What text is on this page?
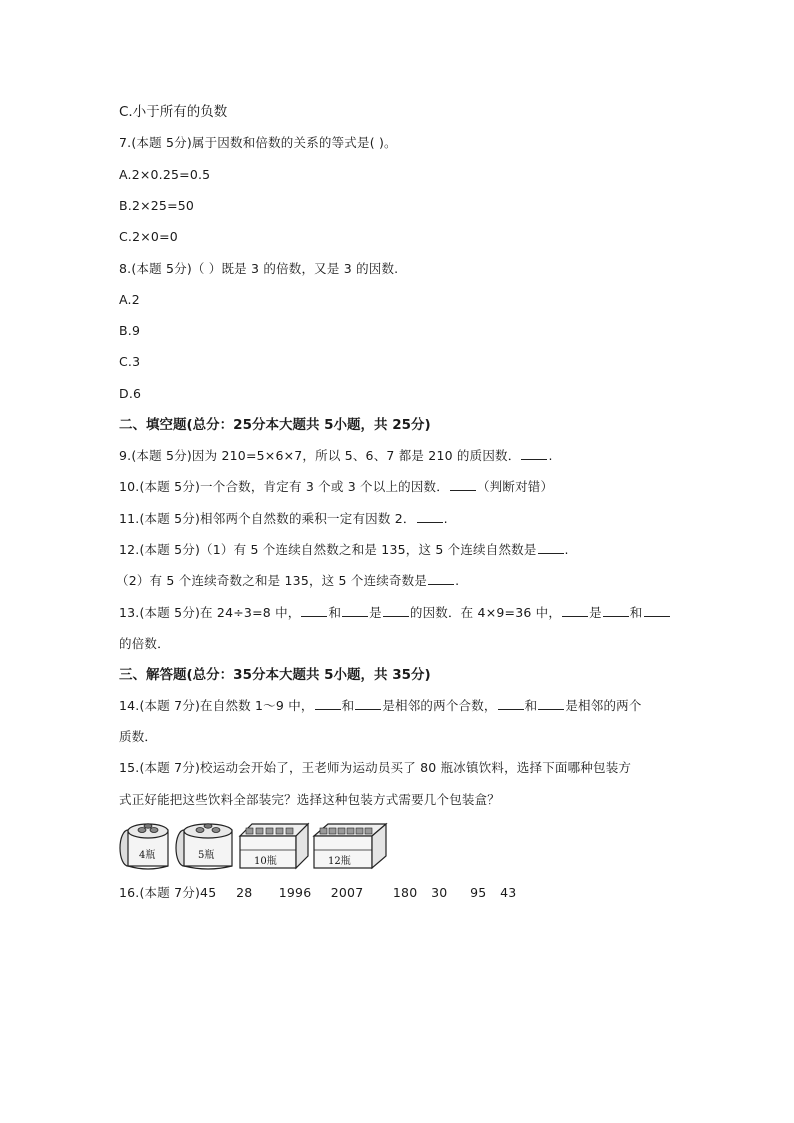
C.小于所有的负数
7.(本题 5分)属于因数和倍数的关系的等式是( )。
A.2×0.25=0.5
B.2×25=50
C.2×0=0
8.(本题 5分)（ ）既是 3 的倍数，又是 3 的因数.
A.2
B.9
C.3
D.6
二、填空题(总分：25分本大题共 5小题，共 25分)
9.(本题 5分)因为 210=5×6×7，所以 5、6、7 都是 210 的质因数． .
10.(本题 5分)一个合数，肯定有 3 个或 3 个以上的因数． （判断对错）
11.(本题 5分)相邻两个自然数的乘积一定有因数 2． .
12.(本题 5分)（1）有 5 个连续自然数之和是 135，这 5 个连续自然数是 .
（2）有 5 个连续奇数之和是 135，这 5 个连续奇数是 .
13.(本题 5分)在 24÷3=8 中， 和 是 的因数．在 4×9=36 中， 是 和
的倍数．
三、解答题(总分：35分本大题共 5小题，共 35分)
14.(本题 7分)在自然数 1～9 中， 和 是相邻的两个合数， 和 是相邻的两个
质数．
15.(本题 7分)校运动会开始了，王老师为运动员买了 80 瓶冰镇饮料，选择下面哪种包装方
式正好能把这些饮料全部装完？选择这种包装方式需要几个包装盒？
4瓶	5瓶
10瓶	12瓶
16.(本题 7分)45 28 1996 2007 180 30 95 43
